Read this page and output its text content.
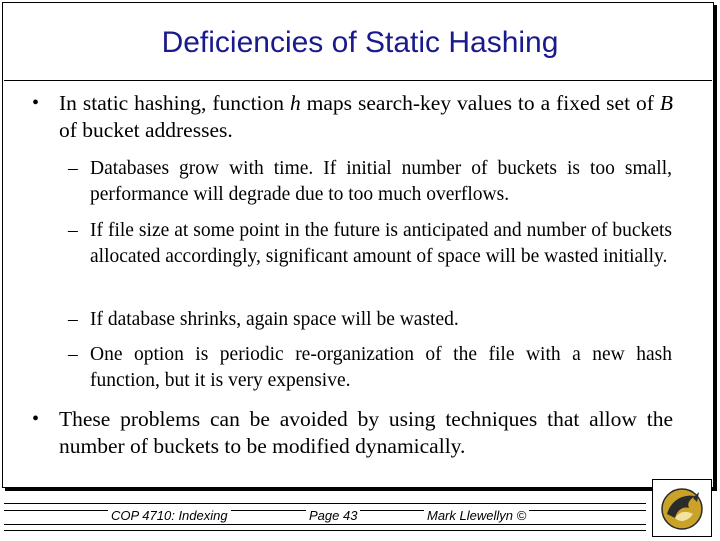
Deficiencies of Static Hashing
• In static hashing, function h maps search-key values to a fixed set of B of bucket addresses.
– Databases grow with time. If initial number of buckets is too small, performance will degrade due to too much overflows.
– If file size at some point in the future is anticipated and number of buckets allocated accordingly, significant amount of space will be wasted initially.
– If database shrinks, again space will be wasted.
– One option is periodic re-organization of the file with a new hash function, but it is very expensive.
• These problems can be avoided by using techniques that allow the number of buckets to be modified dynamically.
COP 4710: Indexing	Page 43	Mark Llewellyn ©
